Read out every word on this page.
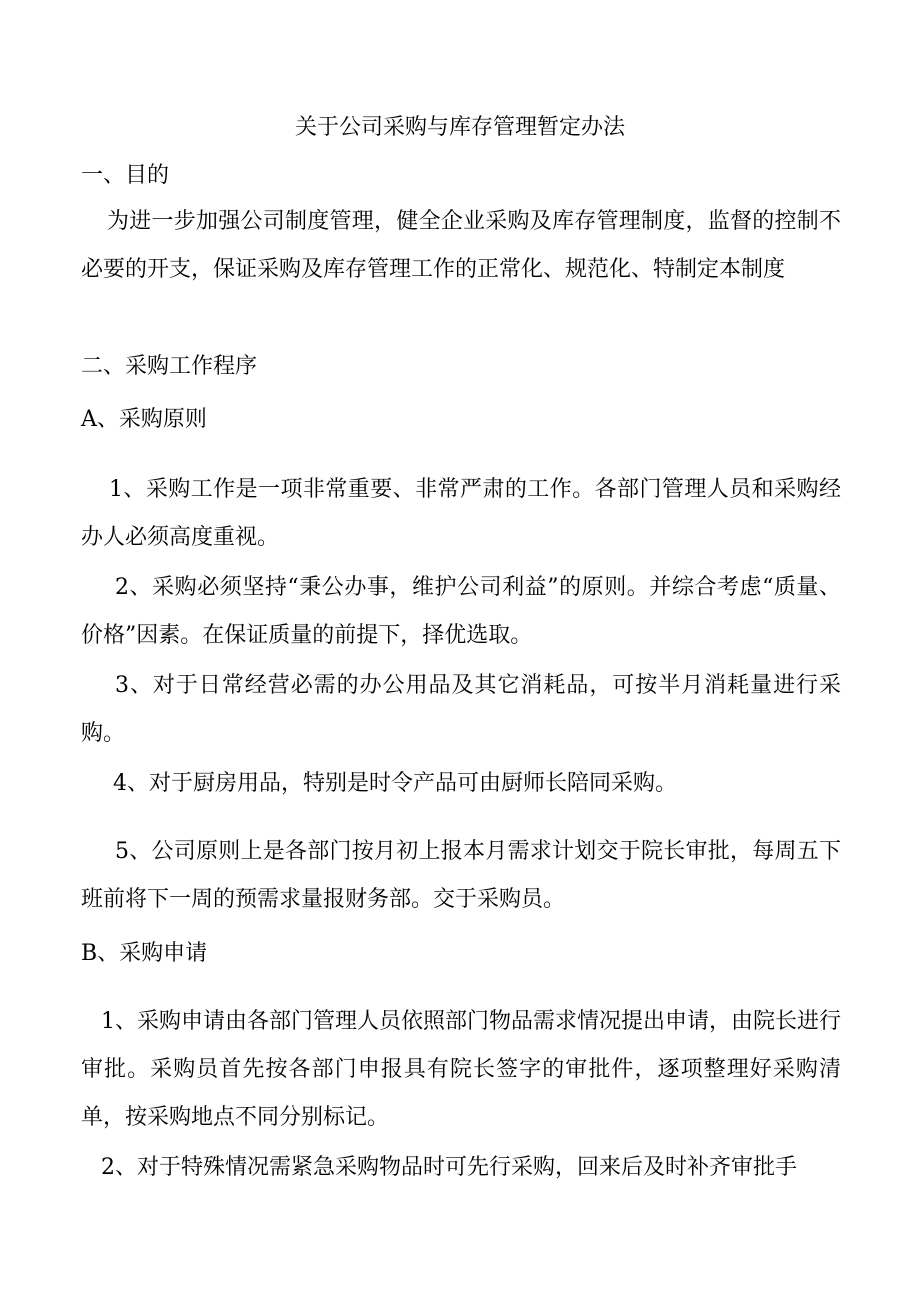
关于公司采购与库存管理暂定办法
一、目的
为进一步加强公司制度管理，健全企业采购及库存管理制度，监督的控制不必要的开支，保证采购及库存管理工作的正常化、规范化、特制定本制度
二、采购工作程序
A、采购原则
1、采购工作是一项非常重要、非常严肃的工作。各部门管理人员和采购经办人必须高度重视。
2、采购必须坚持“秉公办事，维护公司利益”的原则。并综合考虑“质量、价格”因素。在保证质量的前提下，择优选取。
3、对于日常经营必需的办公用品及其它消耗品，可按半月消耗量进行采购。
4、对于厨房用品，特别是时令产品可由厨师长陪同采购。
5、公司原则上是各部门按月初上报本月需求计划交于院长审批，每周五下班前将下一周的预需求量报财务部。交于采购员。
B、采购申请
1、采购申请由各部门管理人员依照部门物品需求情况提出申请，由院长进行审批。采购员首先按各部门申报具有院长签字的审批件，逐项整理好采购清单，按采购地点不同分别标记。
2、对于特殊情况需紧急采购物品时可先行采购，回来后及时补齐审批手
